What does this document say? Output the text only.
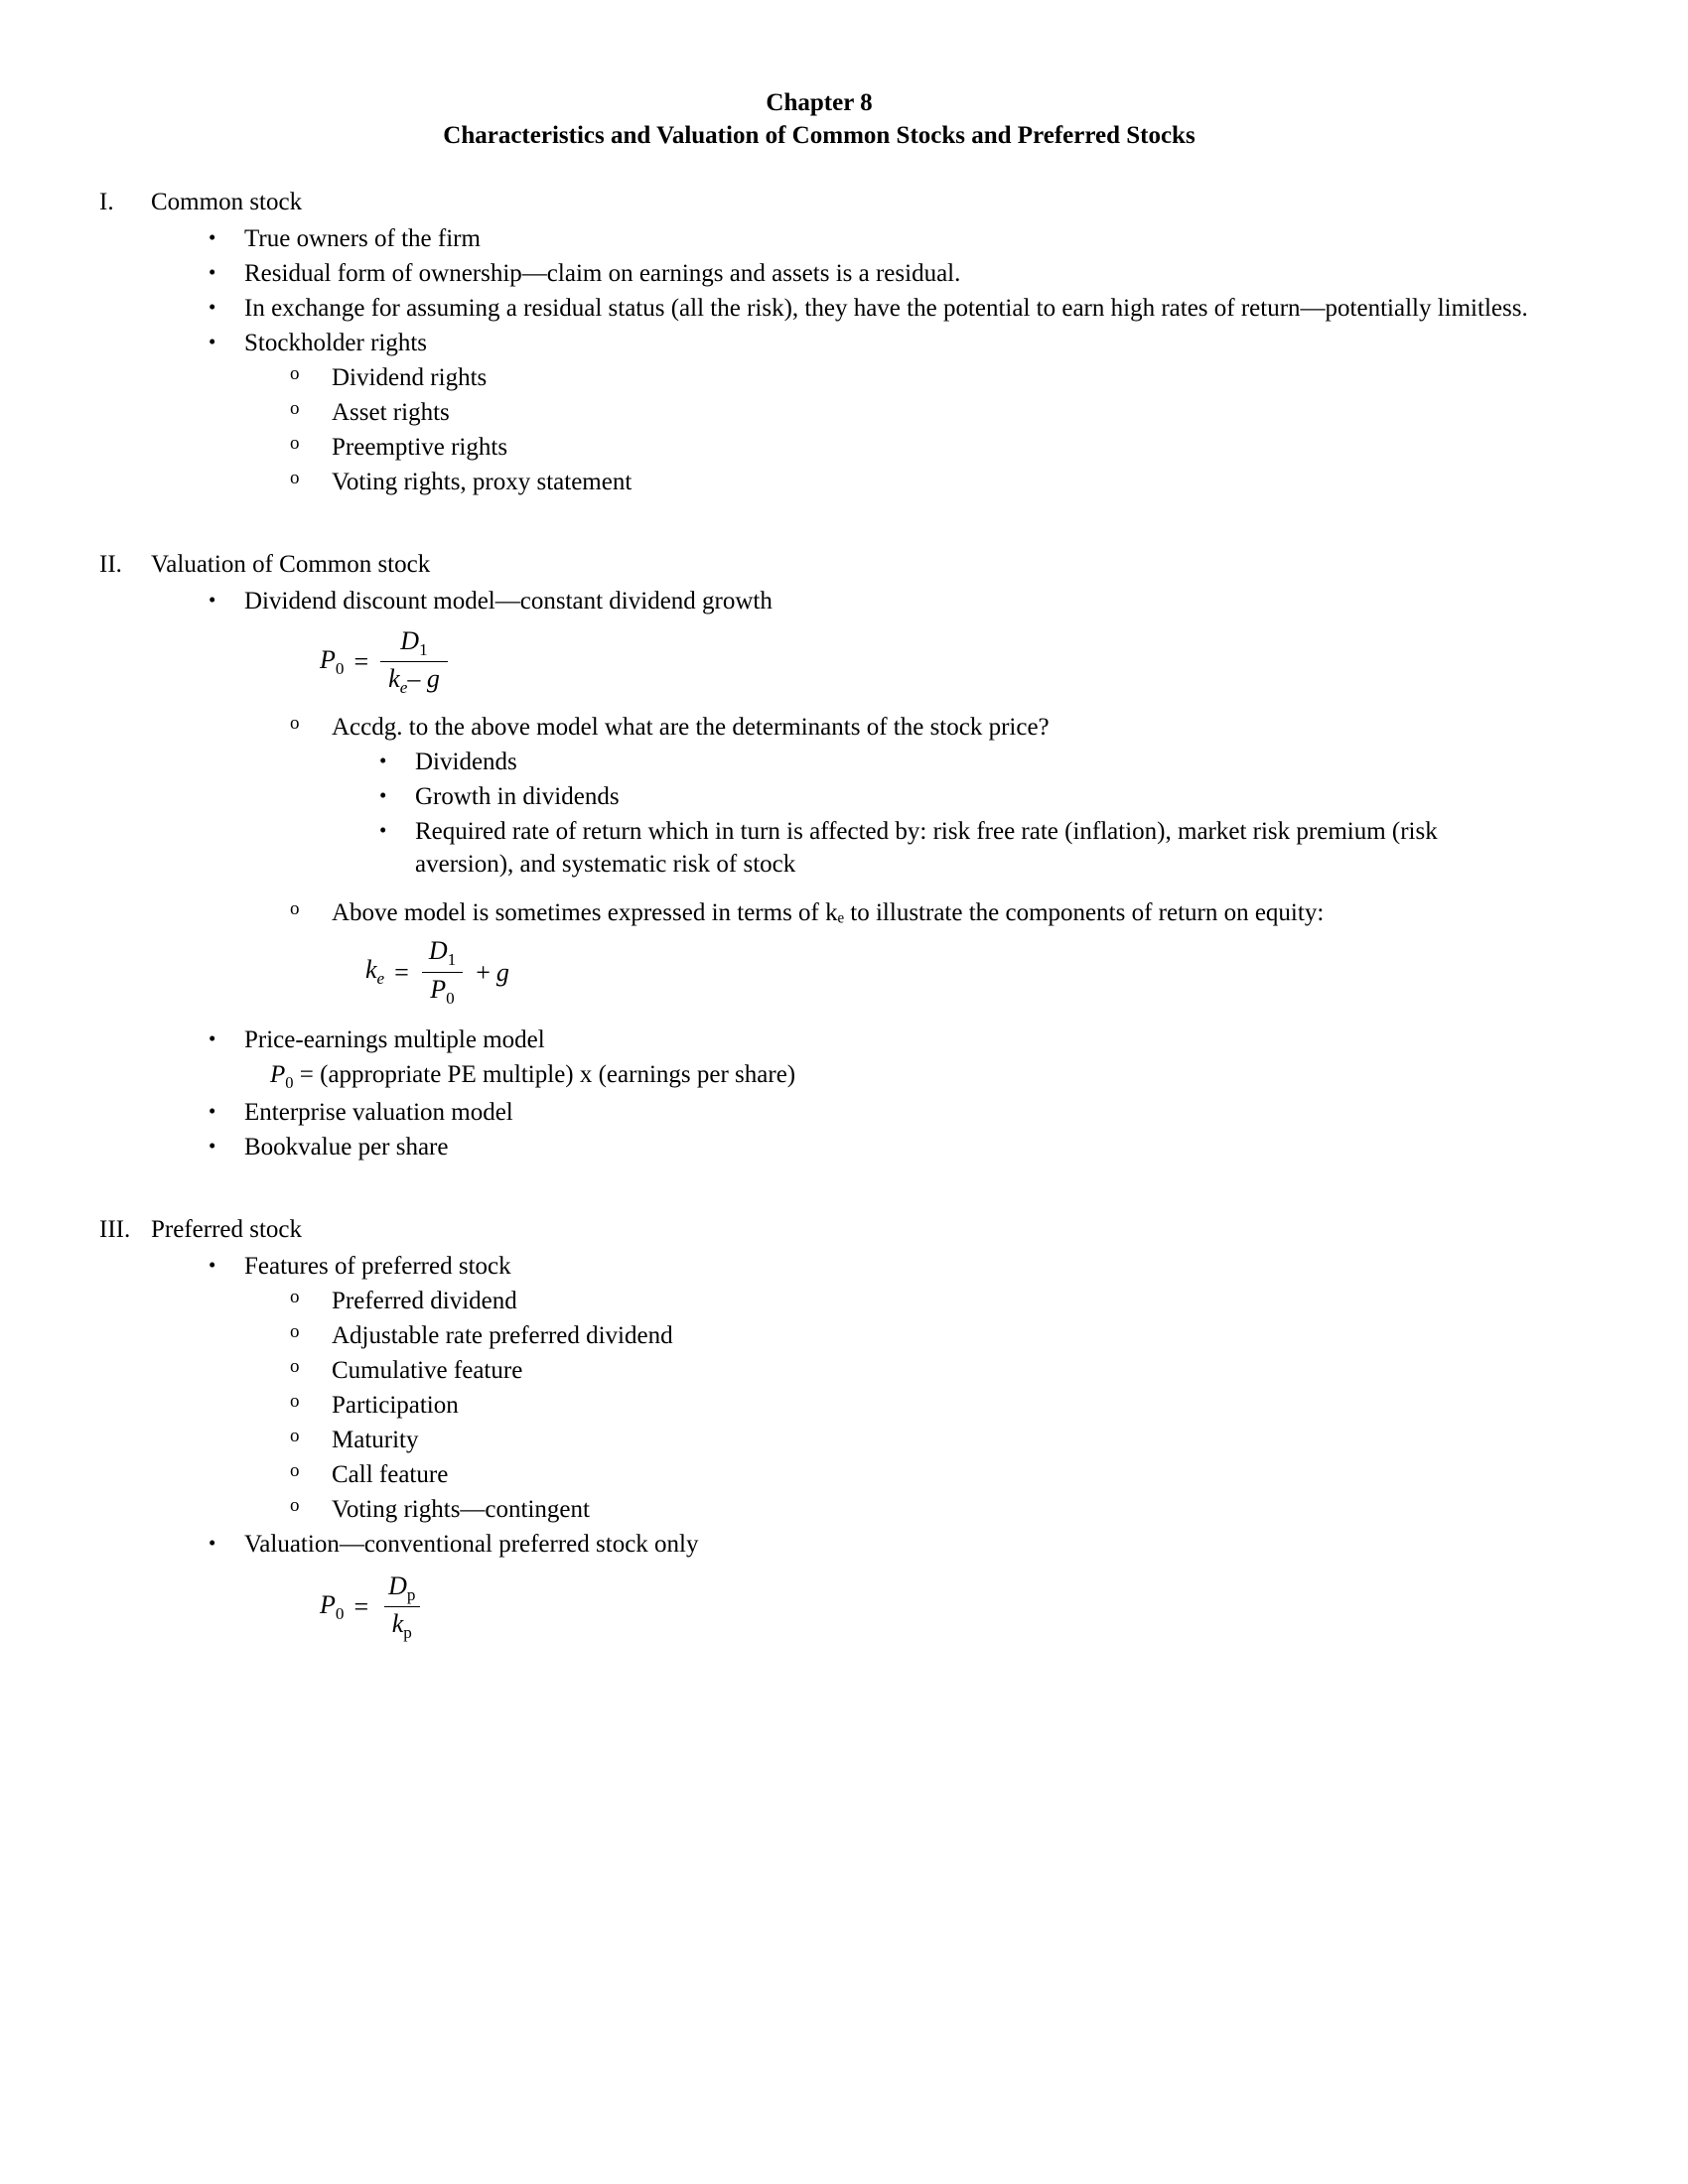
Chapter 8
Characteristics and Valuation of Common Stocks and Preferred Stocks
I.	Common stock
•	True owners of the firm
•	Residual form of ownership—claim on earnings and assets is a residual.
•	In exchange for assuming a residual status (all the risk), they have the potential to earn high rates of return—potentially limitless.
•	Stockholder rights
o	Dividend rights
o	Asset rights
o	Preemptive rights
o	Voting rights, proxy statement
II.	Valuation of Common stock
•	Dividend discount model—constant dividend growth
$P_0 = \frac{D_1}{k_e- g}$
o	Accdg. to the above model what are the determinants of the stock price?
•	Dividends
•	Growth in dividends
•	Required rate of return which in turn is affected by: risk free rate (inflation), market risk premium (risk aversion), and systematic risk of stock
o	Above model is sometimes expressed in terms of kₑ to illustrate the components of return on equity:
$k_e = \frac{D_1}{P_0} + g$
•	Price-earnings multiple model
$P_0$ = (appropriate PE multiple) x (earnings per share)
•	Enterprise valuation model
•	Bookvalue per share
III. Preferred stock
•	Features of preferred stock
o	Preferred dividend
o	Adjustable rate preferred dividend
o	Cumulative feature
o	Participation
o	Maturity
o	Call feature
o	Voting rights—contingent
•	Valuation—conventional preferred stock only
$P_0 = \frac{D_p}{k_p}$
